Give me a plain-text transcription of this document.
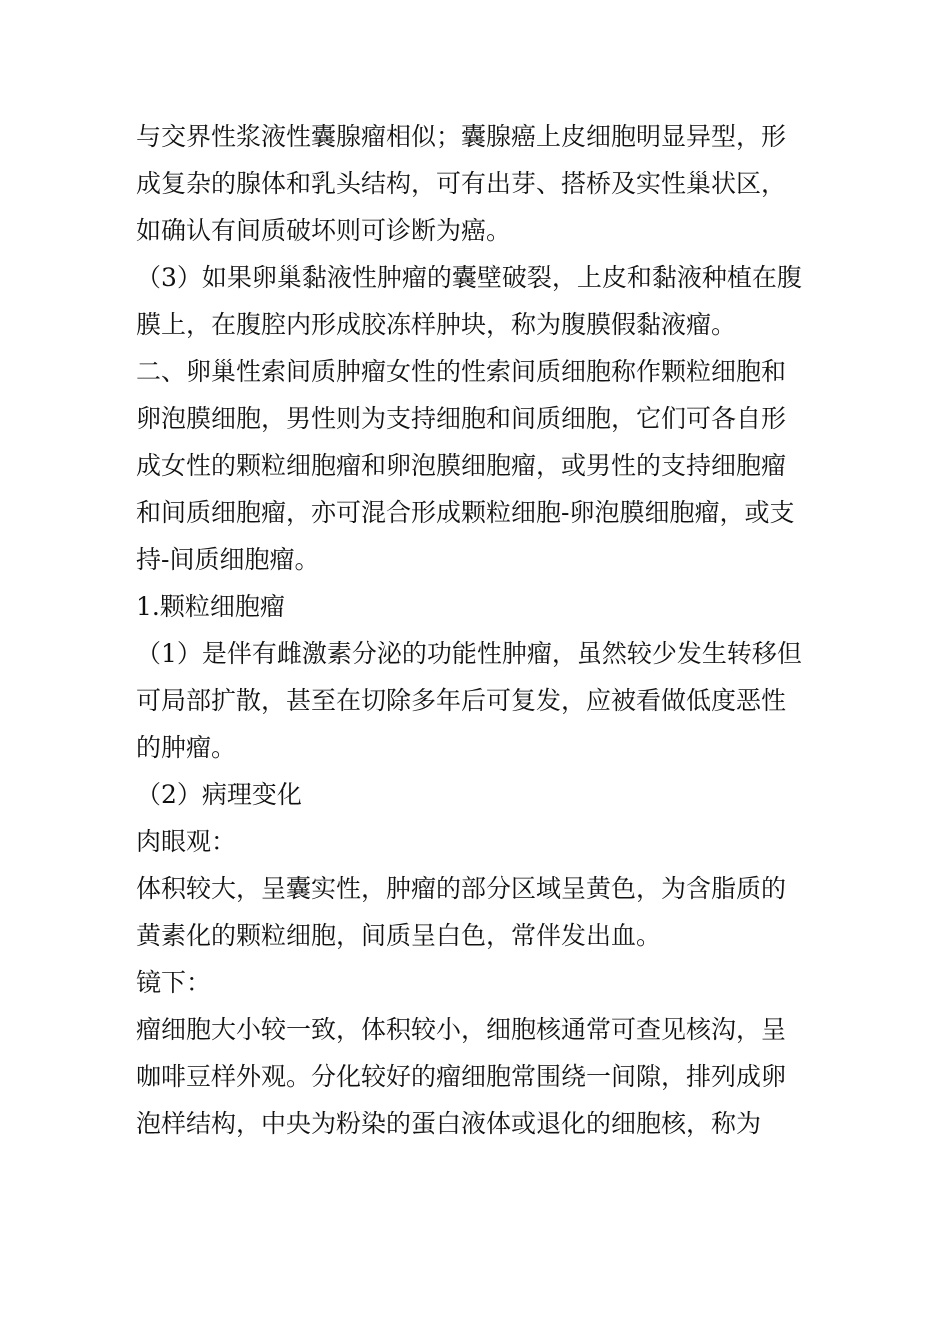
与交界性浆液性囊腺瘤相似；囊腺癌上皮细胞明显异型，形
成复杂的腺体和乳头结构，可有出芽、搭桥及实性巢状区，
如确认有间质破坏则可诊断为癌。

（3）如果卵巢黏液性肿瘤的囊壁破裂，上皮和黏液种植在腹
膜上，在腹腔内形成胶冻样肿块，称为腹膜假黏液瘤。

二、卵巢性索间质肿瘤女性的性索间质细胞称作颗粒细胞和
卵泡膜细胞，男性则为支持细胞和间质细胞，它们可各自形
成女性的颗粒细胞瘤和卵泡膜细胞瘤，或男性的支持细胞瘤
和间质细胞瘤，亦可混合形成颗粒细胞-卵泡膜细胞瘤，或支
持-间质细胞瘤。

1.颗粒细胞瘤

（1）是伴有雌激素分泌的功能性肿瘤，虽然较少发生转移但
可局部扩散，甚至在切除多年后可复发，应被看做低度恶性
的肿瘤。

（2）病理变化

肉眼观：

体积较大，呈囊实性，肿瘤的部分区域呈黄色，为含脂质的
黄素化的颗粒细胞，间质呈白色，常伴发出血。

镜下：

瘤细胞大小较一致，体积较小，细胞核通常可查见核沟，呈
咖啡豆样外观。分化较好的瘤细胞常围绕一间隙，排列成卵
泡样结构，中央为粉染的蛋白液体或退化的细胞核，称为
